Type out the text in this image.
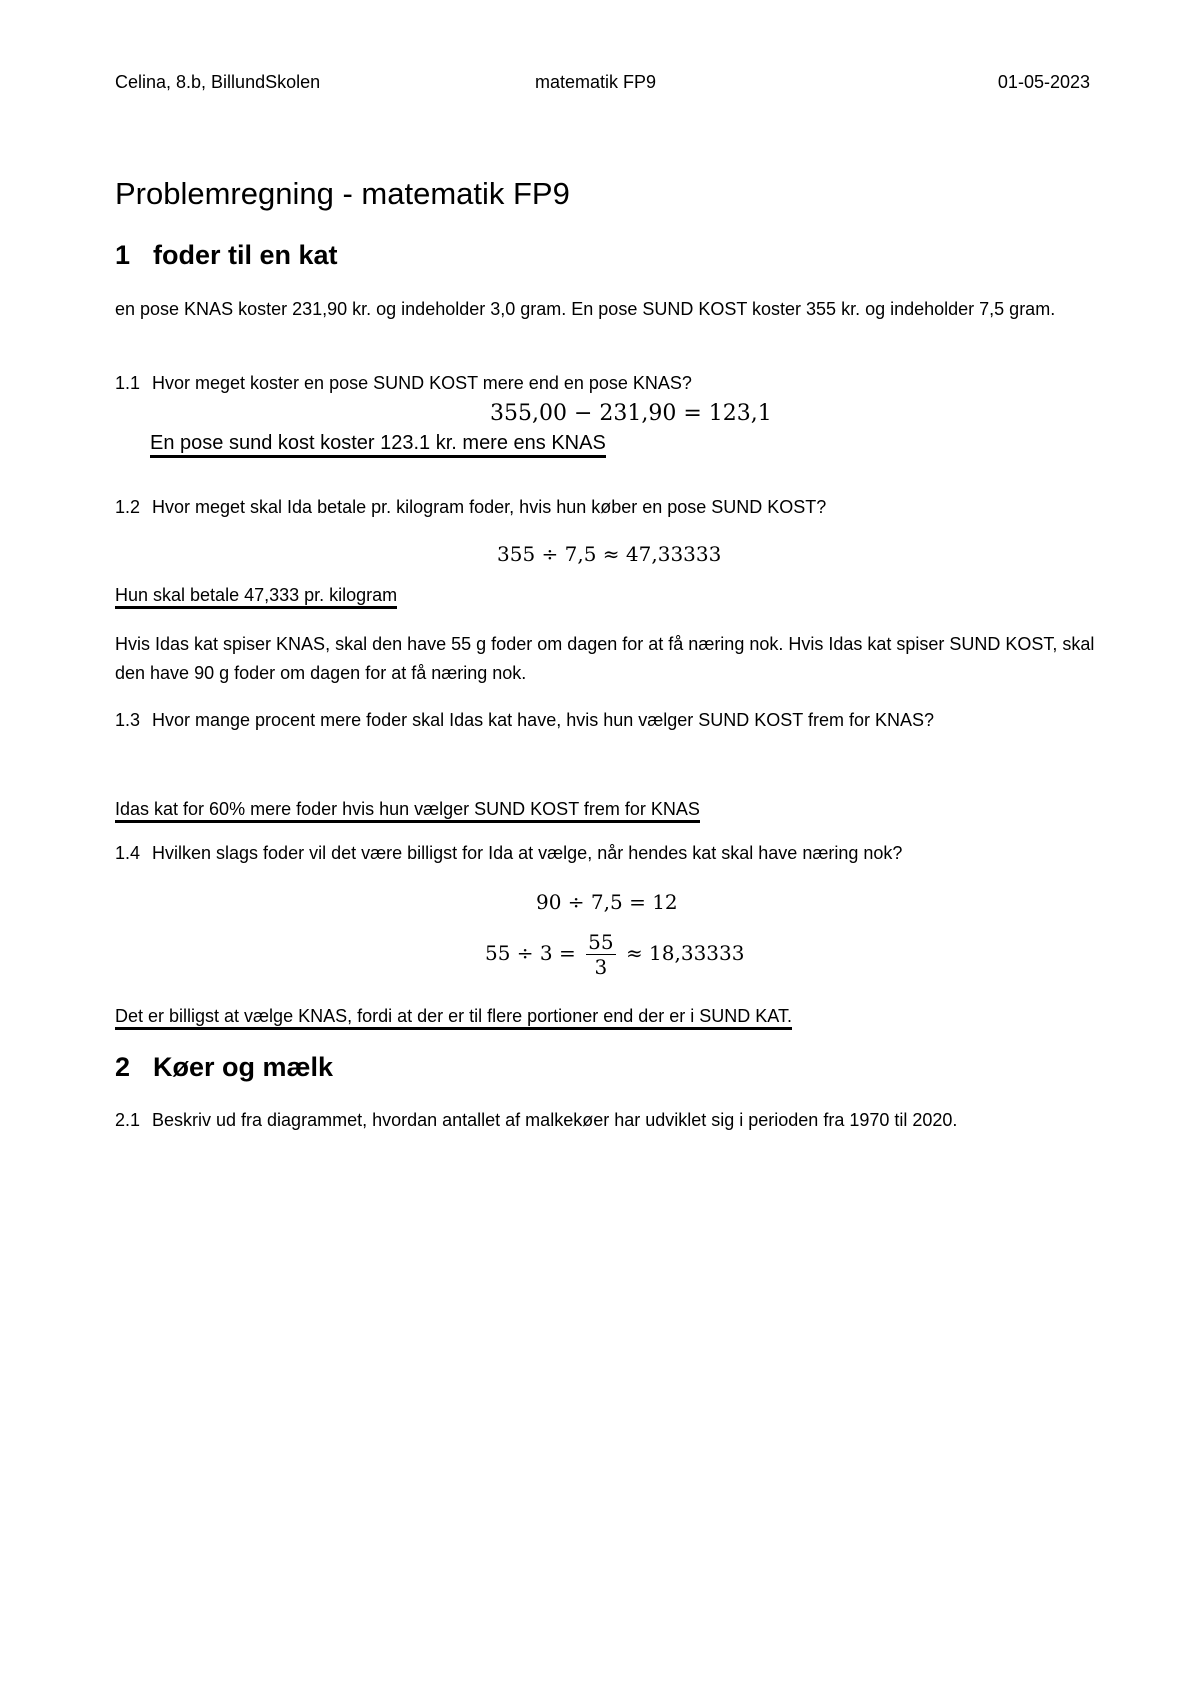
Celina, 8.b, BillundSkolen	matematik FP9	01-05-2023
Problemregning - matematik FP9
1 foder til en kat
en pose KNAS koster 231,90 kr. og indeholder 3,0 gram. En pose SUND KOST koster 355 kr. og indeholder 7,5 gram.
1.1 Hvor meget koster en pose SUND KOST mere end en pose KNAS?
355,00 − 231,90 = 123,1
En pose sund kost koster 123.1 kr. mere ens KNAS
1.2 Hvor meget skal Ida betale pr. kilogram foder, hvis hun køber en pose SUND KOST?
355 ÷ 7,5 ≈ 47,33333
Hun skal betale 47,333 pr. kilogram
Hvis Idas kat spiser KNAS, skal den have 55 g foder om dagen for at få næring nok. Hvis Idas kat spiser SUND KOST, skal den have 90 g foder om dagen for at få næring nok.
1.3 Hvor mange procent mere foder skal Idas kat have, hvis hun vælger SUND KOST frem for KNAS?
Idas kat for 60% mere foder hvis hun vælger SUND KOST frem for KNAS
1.4 Hvilken slags foder vil det være billigst for Ida at vælge, når hendes kat skal have næring nok?
90 ÷ 7,5 = 12
$55 \div 3 = \frac{55}{3} \approx 18,33333$
Det er billigst at vælge KNAS, fordi at der er til flere portioner end der er i SUND KAT.
2 Køer og mælk
2.1 Beskriv ud fra diagrammet, hvordan antallet af malkekøer har udviklet sig i perioden fra 1970 til 2020.
